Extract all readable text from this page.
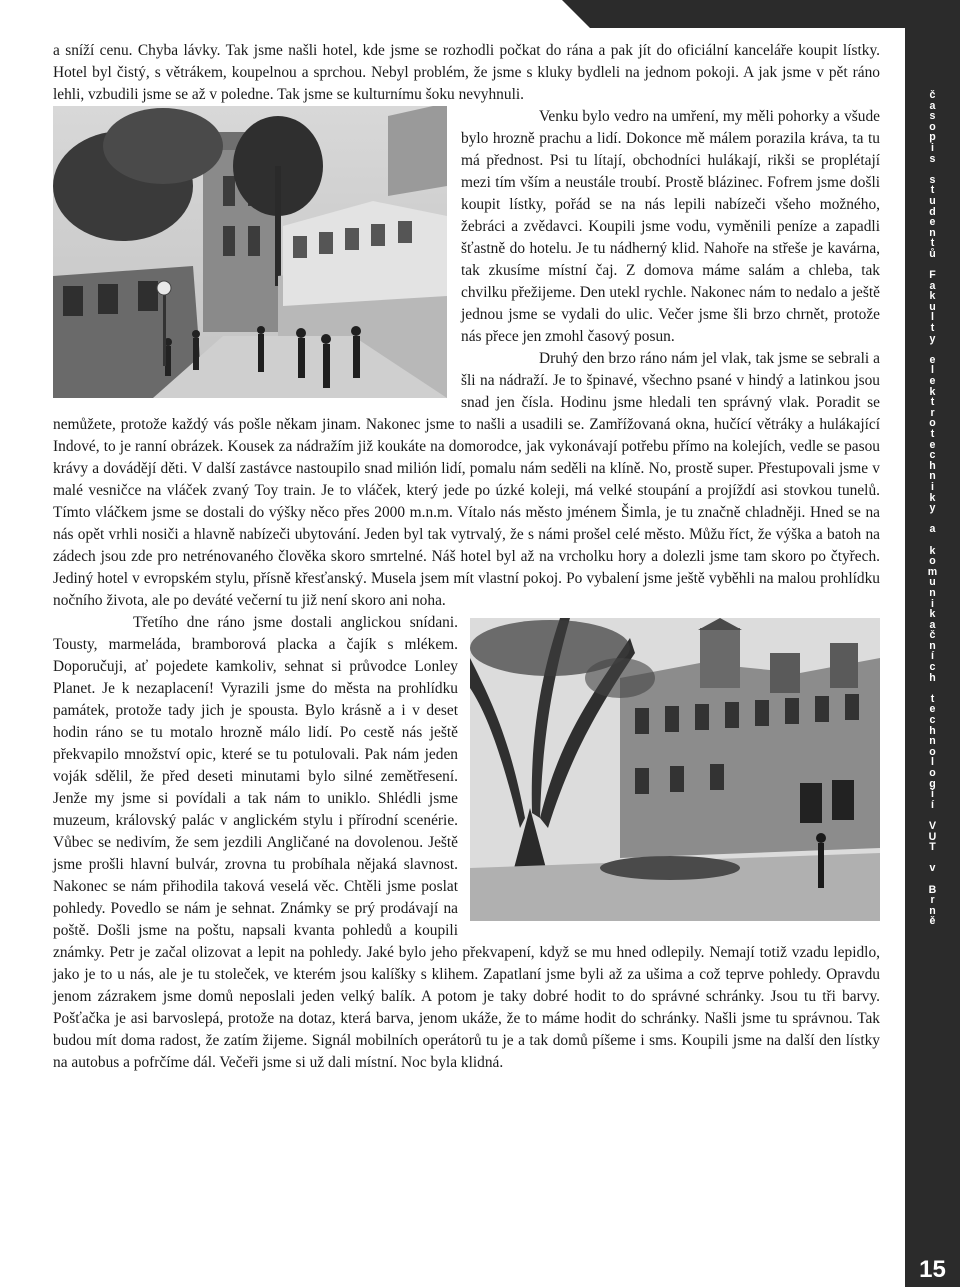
č
a
s
o
p
i
s

s
t
u
d
e
n
t
ů

F
a
k
u
l
t
y

e
l
e
k
t
r
o
t
e
c
h
n
i
k
y

a

k
o
m
u
n
i
k
a
č
n
í
c
h

t
e
c
h
n
o
l
o
g
i
í

V
U
T

v

B
r
n
ě
15

a sníží cenu. Chyba lávky. Tak jsme našli hotel, kde jsme se rozhodli počkat do rána a pak jít do oficiální kanceláře koupit lístky. Hotel byl čistý, s větrákem, koupelnou a sprchou. Nebyl problém, že jsme s kluky bydleli na jednom pokoji. A jak jsme v pět ráno lehli, vzbudili jsme se až v poledne. Tak jsme se kulturnímu šoku nevyhnuli.

Venku bylo vedro na umření, my měli pohorky a všude bylo hrozně prachu a lidí. Dokonce mě málem porazila kráva, ta tu má přednost. Psi tu lítají, obchodníci hulákají, rikši se proplétají mezi tím vším a neustále troubí. Prostě blázinec. Fofrem jsme došli koupit lístky, pořád se na nás lepili nabízeči všeho možného, žebráci a zvědavci. Koupili jsme vodu, vyměnili peníze a zapadli šťastně do hotelu. Je tu nádherný klid. Nahoře na střeše je kavárna, tak zkusíme místní čaj. Z domova máme salám a chleba, tak chvilku přežijeme. Den utekl rychle. Nakonec nám to nedalo a ještě jednou jsme se vydali do ulic. Večer jsme šli brzo chrnět, protože nás přece jen zmohl časový posun.

Druhý den brzo ráno nám jel vlak, tak jsme se sebrali a šli na nádraží. Je to špinavé, všechno psané v hindý a latinkou jsou snad jen čísla. Hodinu jsme hledali ten správný vlak. Poradit se nemůžete, protože každý vás pošle někam jinam. Nakonec jsme to našli a usadili se. Zamřížovaná okna, hučící větráky a hulákající Indové, to je ranní obrázek. Kousek za nádražím již koukáte na domorodce, jak vykonávají potřebu přímo na kolejích, vedle se pasou krávy a dovádějí děti. V další zastávce nastoupilo snad milión lidí, pomalu nám seděli na klíně. No, prostě super. Přestupovali jsme v malé vesničce na vláček zvaný Toy train. Je to vláček, který jede po úzké koleji, má velké stoupání a projíždí asi stovkou tunelů. Tímto vláčkem jsme se dostali do výšky něco přes 2000 m.n.m. Vítalo nás město jménem Šimla, je tu značně chladněji. Hned se na nás opět vrhli nosiči a hlavně nabízeči ubytování. Jeden byl tak vytrvalý, že s námi prošel celé město. Můžu říct, že výška a batoh na zádech jsou zde pro netrénovaného člověka skoro smrtelné. Náš hotel byl až na vrcholku hory a dolezli jsme tam skoro po čtyřech. Jediný hotel v evropském stylu, přísně křesťanský. Musela jsem mít vlastní pokoj. Po vybalení jsme ještě vyběhli na malou prohlídku nočního života, ale po deváté večerní tu již není skoro ani noha.

Třetího dne ráno jsme dostali anglickou snídani. Tousty, marmeláda, bramborová placka a čajík s mlékem. Doporučuji, ať pojedete kamkoliv, sehnat si průvodce Lonley Planet. Je k nezaplacení! Vyrazili jsme do města na prohlídku památek, protože tady jich je spousta. Bylo krásně a i v deset hodin ráno se tu motalo hrozně málo lidí. Po cestě nás ještě překvapilo množství opic, které se tu potulovali. Pak nám jeden voják sdělil, že před deseti minutami bylo silné zemětřesení. Jenže my jsme si povídali a tak nám to uniklo. Shlédli jsme muzeum, královský palác v anglickém stylu i přírodní scenérie. Vůbec se nedivím, že sem jezdili Angličané na dovolenou. Ještě jsme prošli hlavní bulvár, zrovna tu probíhala nějaká slavnost. Nakonec se nám přihodila taková veselá věc. Chtěli jsme poslat pohledy. Povedlo se nám je sehnat. Známky se prý prodávají na poště. Došli jsme na poštu, napsali kvanta pohledů a koupili známky. Petr je začal olizovat a lepit na pohledy. Jaké bylo jeho překvapení, když se mu hned odlepily. Nemají totiž vzadu lepidlo, jako je to u nás, ale je tu stoleček, ve kterém jsou kalíšky s klihem. Zapatlaní jsme byli až za ušima a což teprve pohledy. Opravdu jenom zázrakem jsme domů neposlali jeden velký balík. A potom je taky dobré hodit to do správné schránky. Jsou tu tři barvy. Pošťačka je asi barvoslepá, protože na dotaz, která barva, jenom ukáže, že to máme hodit do schránky. Našli jsme tu správnou. Tak budou mít doma radost, že zatím žijeme. Signál mobilních operátorů tu je a tak domů píšeme i sms. Koupili jsme na další den lístky na autobus a pofrčíme dál. Večeři jsme si už dali místní. Noc byla klidná.
